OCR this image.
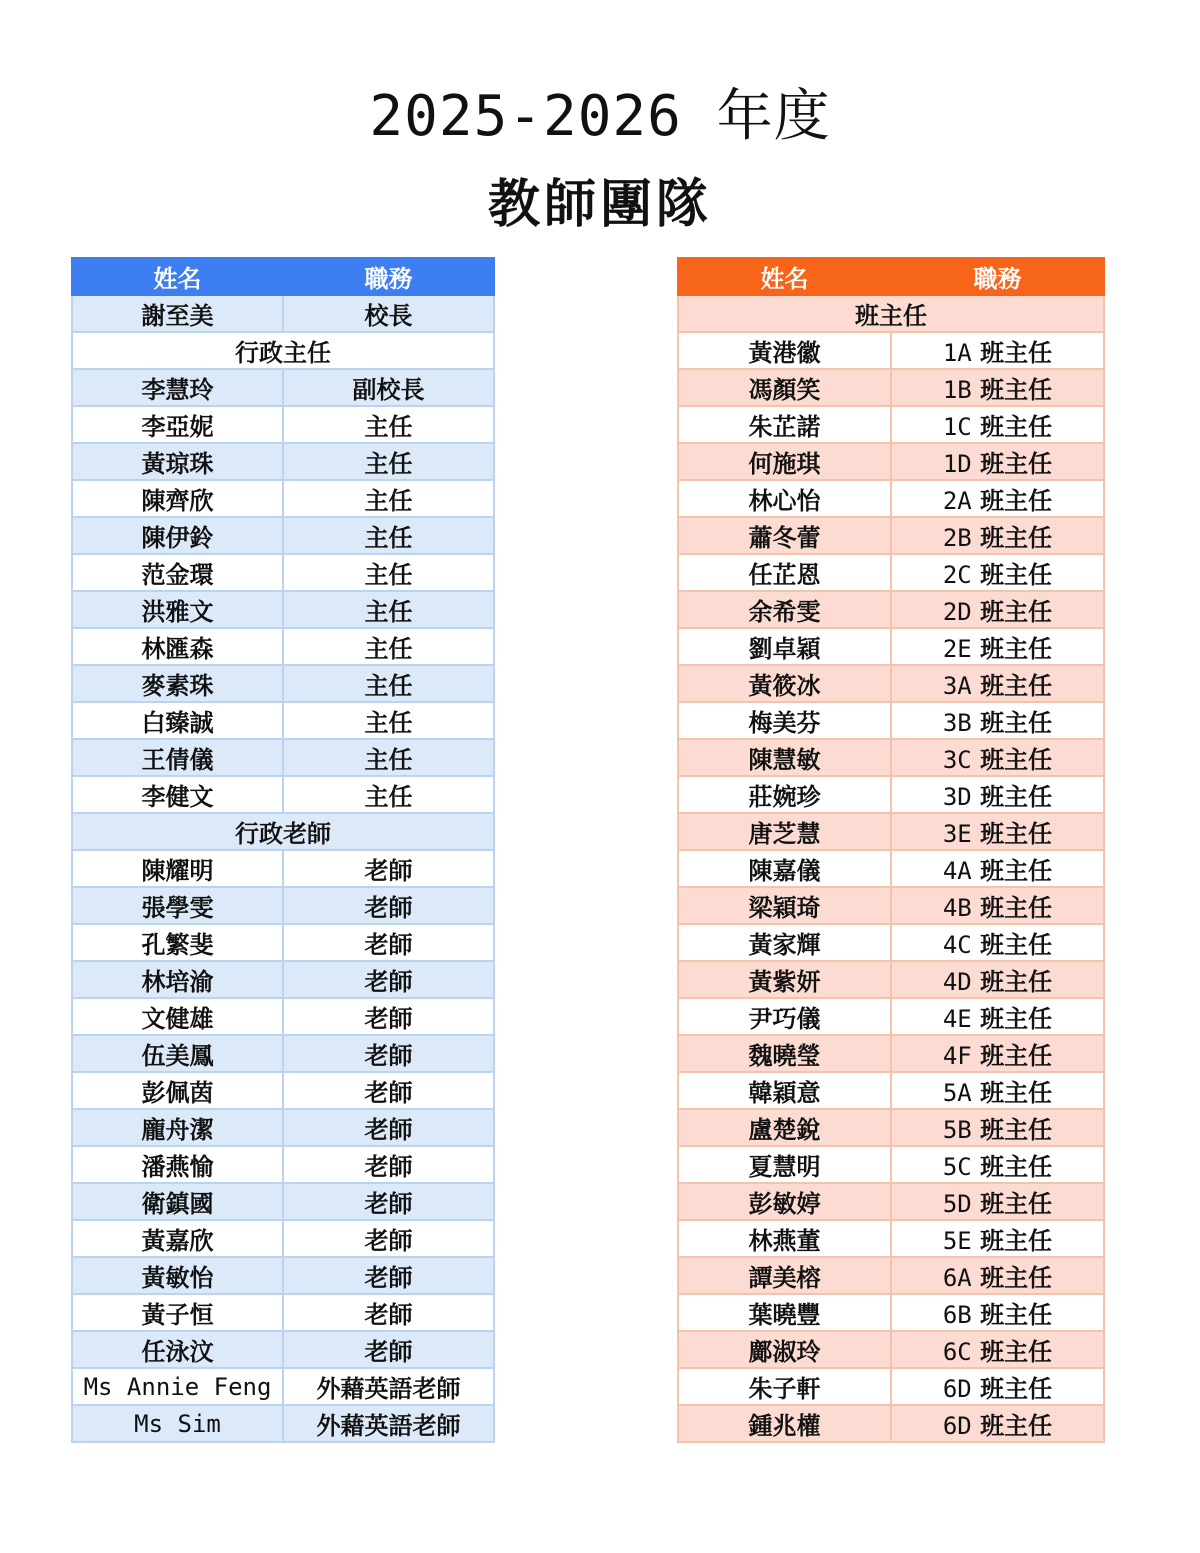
2025-2026 年度
教師團隊
姓名	職務
謝至美	校長
行政主任	
李慧玲	副校長
李亞妮	主任
黃琼珠	主任
陳齊欣	主任
陳伊鈴	主任
范金環	主任
洪雅文	主任
林匯森	主任
麥素珠	主任
白臻誠	主任
王倩儀	主任
李健文	主任
行政老師	
陳耀明	老師
張學雯	老師
孔繁斐	老師
林培渝	老師
文健雄	老師
伍美鳳	老師
彭佩茵	老師
龐舟潔	老師
潘燕愉	老師
衛鎮國	老師
黃嘉欣	老師
黃敏怡	老師
黃子恒	老師
任泳汶	老師
Ms Annie Feng	外藉英語老師
Ms Sim	外藉英語老師
姓名	職務
班主任	
黃港徽	1A 班主任
馮顏笑	1B 班主任
朱芷諾	1C 班主任
何施琪	1D 班主任
林心怡	2A 班主任
蕭冬蕾	2B 班主任
任芷恩	2C 班主任
余希雯	2D 班主任
劉卓穎	2E 班主任
黃筱冰	3A 班主任
梅美芬	3B 班主任
陳慧敏	3C 班主任
莊婉珍	3D 班主任
唐芝慧	3E 班主任
陳嘉儀	4A 班主任
梁穎琦	4B 班主任
黃家輝	4C 班主任
黃紫妍	4D 班主任
尹巧儀	4E 班主任
魏曉瑩	4F 班主任
韓穎意	5A 班主任
盧楚銳	5B 班主任
夏慧明	5C 班主任
彭敏婷	5D 班主任
林燕董	5E 班主任
譚美榕	6A 班主任
葉曉豐	6B 班主任
鄺淑玲	6C 班主任
朱子軒	6D 班主任
鍾兆權	6D 班主任
